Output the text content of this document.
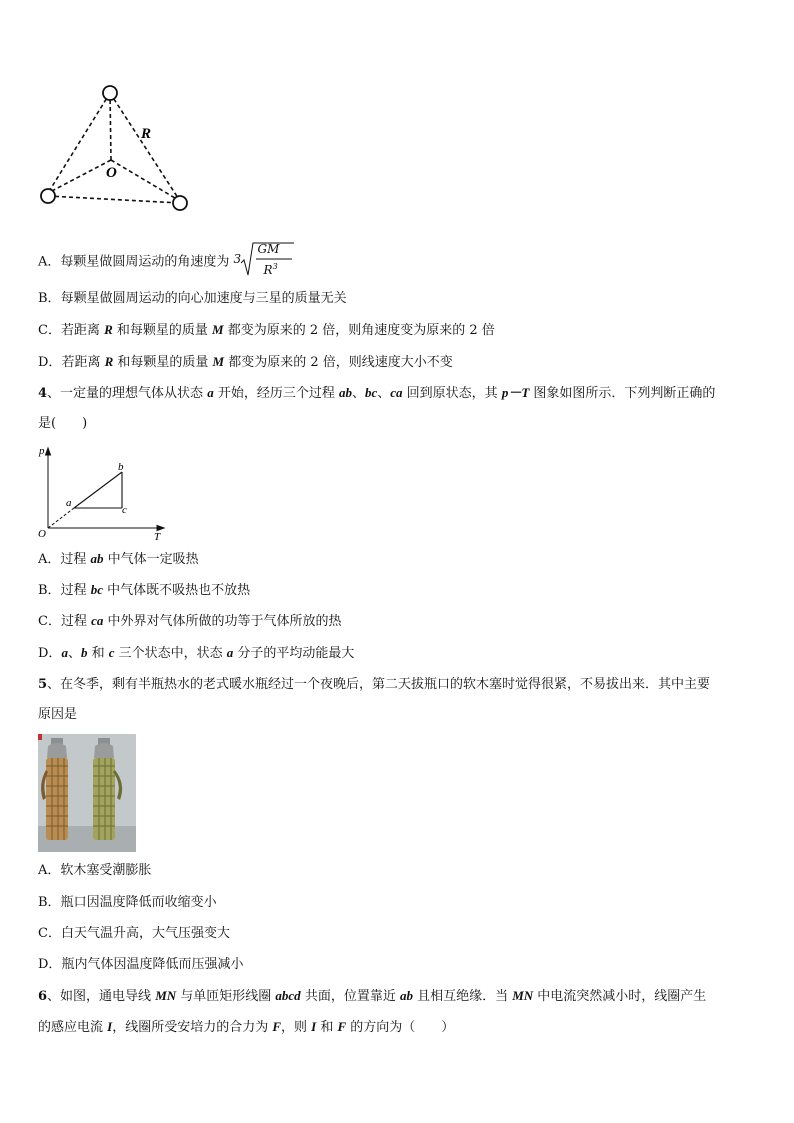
R
O
A．每颗星做圆周运动的角速度为 3
GM
$R^3$
B．每颗星做圆周运动的向心加速度与三星的质量无关
C．若距离 R 和每颗星的质量 M 都变为原来的 2 倍，则角速度变为原来的 2 倍
D．若距离 R 和每颗星的质量 M 都变为原来的 2 倍，则线速度大小不变
4、一定量的理想气体从状态 a 开始，经历三个过程 ab、bc、ca 回到原状态，其 p－T 图象如图所示．下列判断正确的
是(　　)
p
T
O
a
b
c
A．过程 ab 中气体一定吸热
B．过程 bc 中气体既不吸热也不放热
C．过程 ca 中外界对气体所做的功等于气体所放的热
D．a、b 和 c 三个状态中，状态 a 分子的平均动能最大
5、在冬季，剩有半瓶热水的老式暖水瓶经过一个夜晚后，第二天拔瓶口的软木塞时觉得很紧，不易拔出来．其中主要
原因是
A．软木塞受潮膨胀
B．瓶口因温度降低而收缩变小
C．白天气温升高，大气压强变大
D．瓶内气体因温度降低而压强减小
6、如图，通电导线 MN 与单匝矩形线圈 abcd 共面，位置靠近 ab 且相互绝缘．当 MN 中电流突然减小时，线圈产生
的感应电流 I，线圈所受安培力的合力为 F，则 I 和 F 的方向为（　　）
